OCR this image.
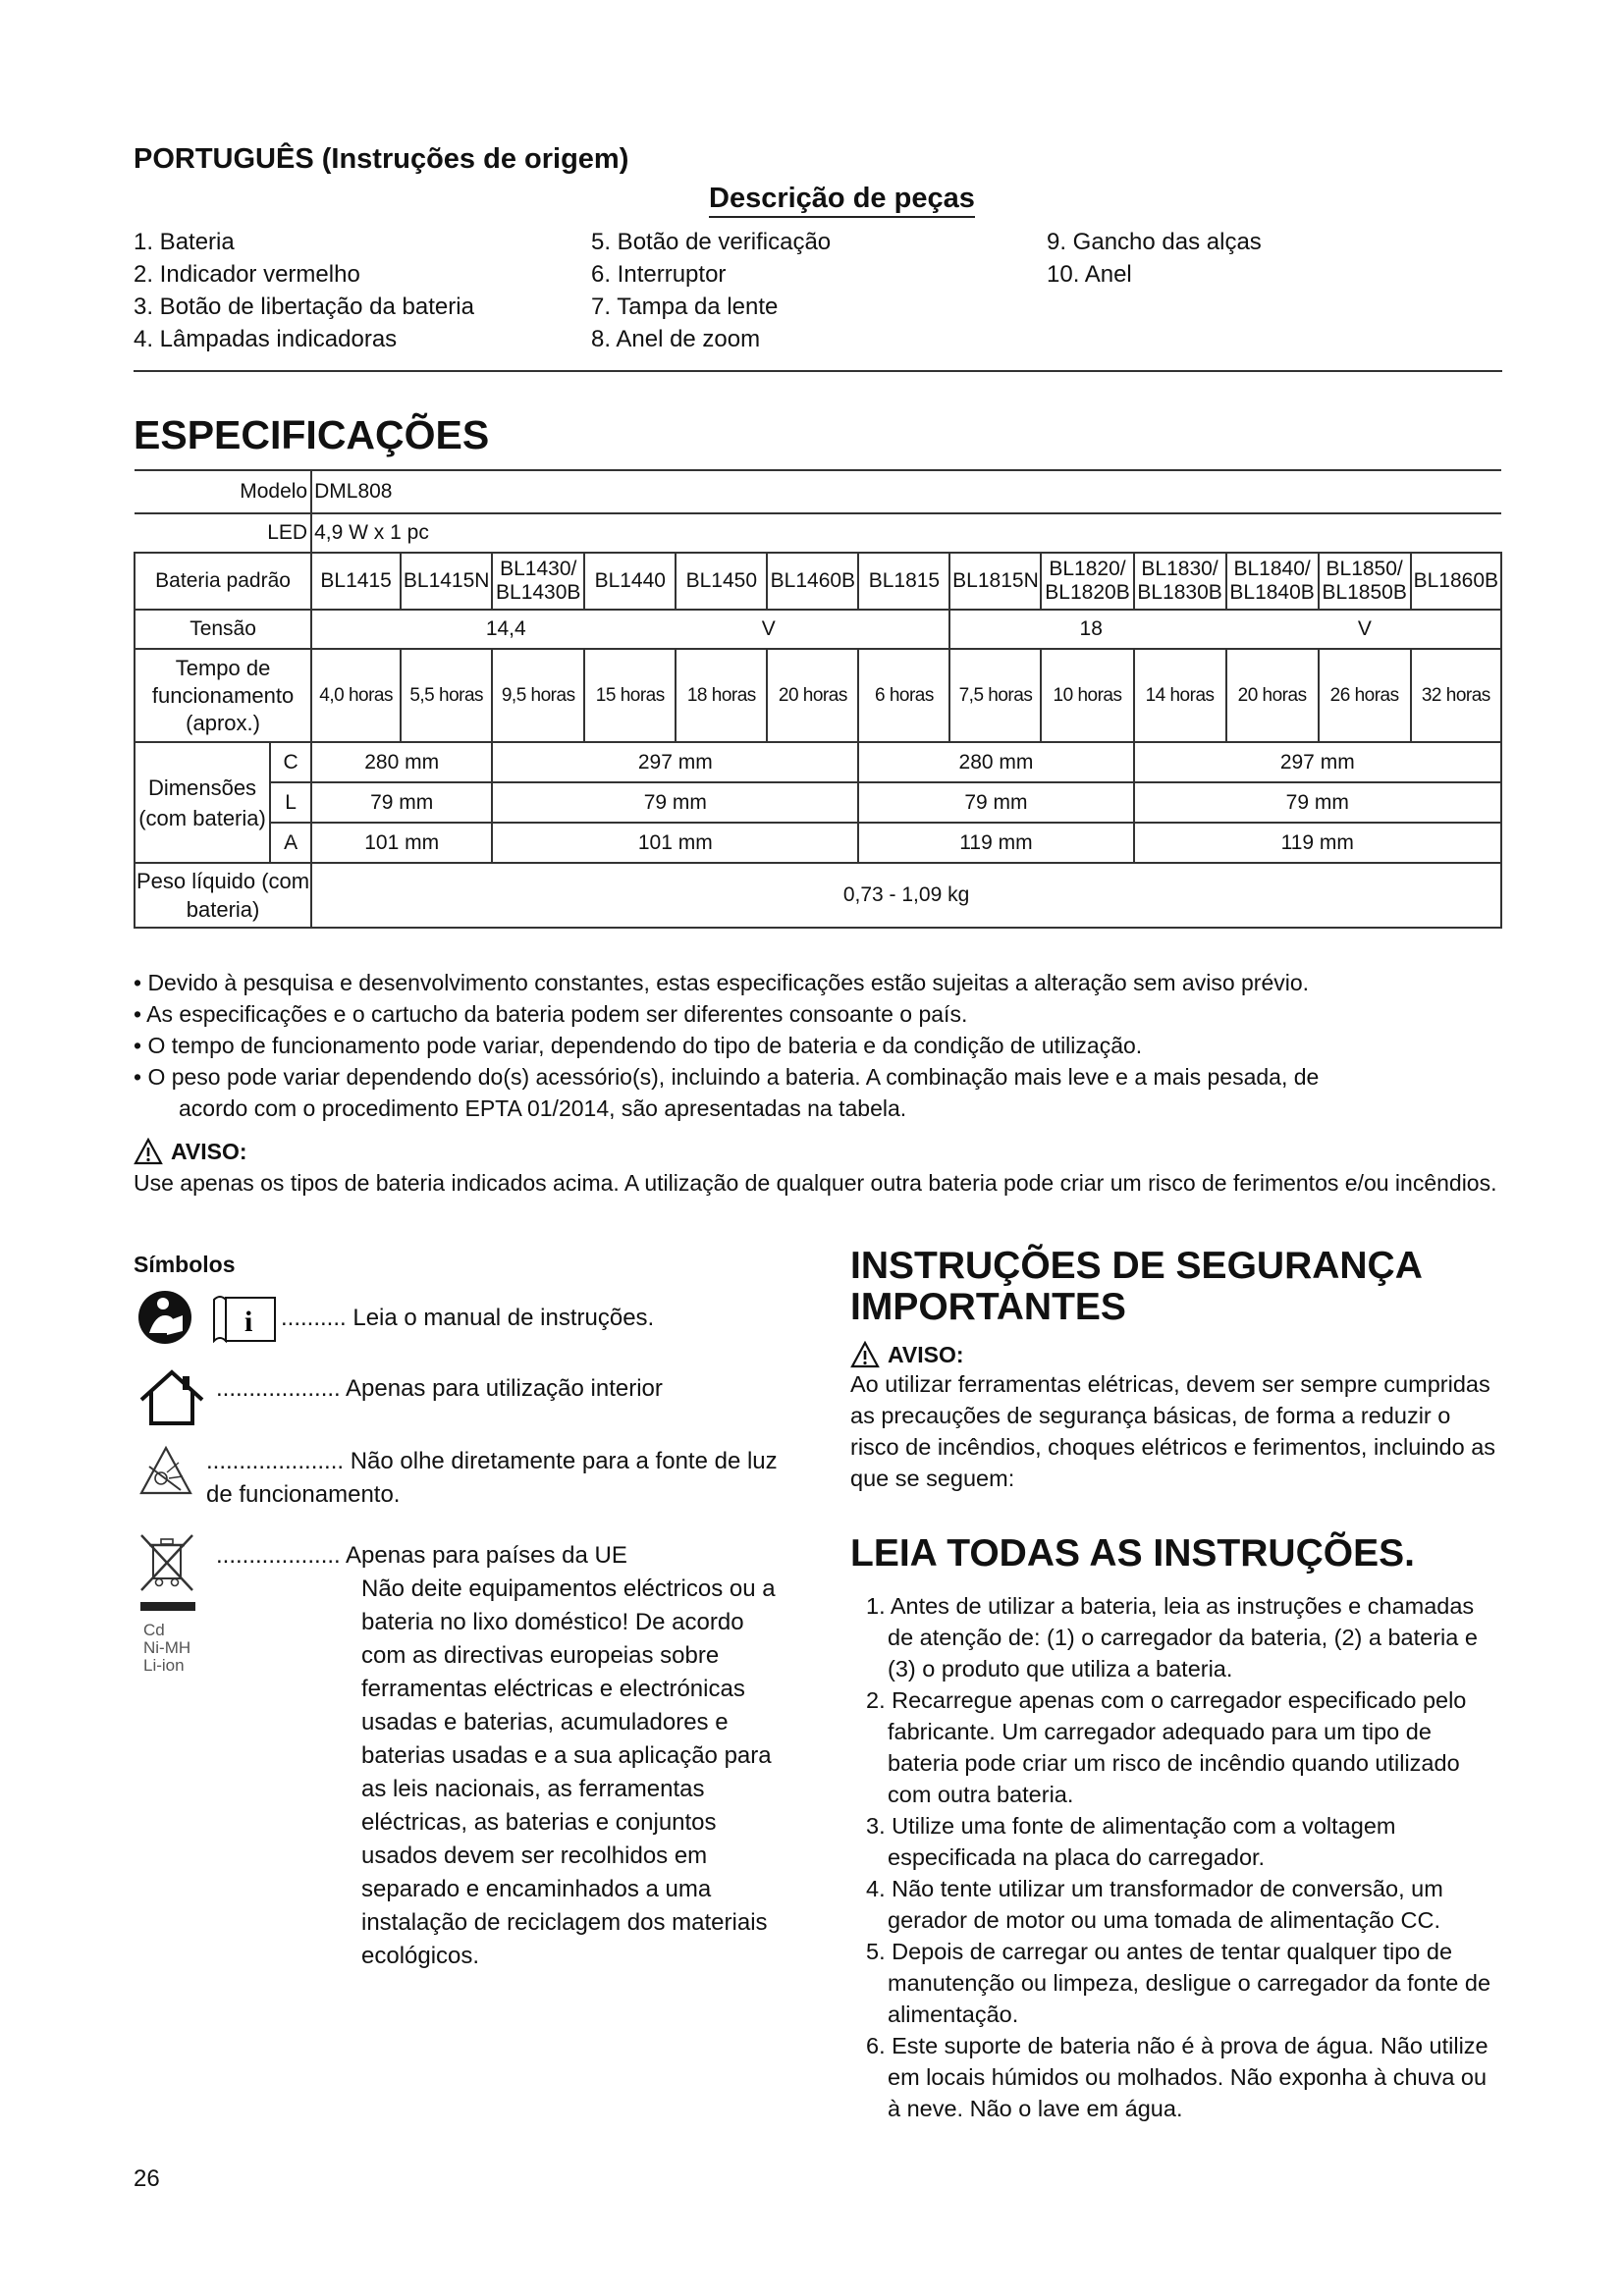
PORTUGUÊS (Instruções de origem)
Descrição de peças
1. Bateria
2. Indicador vermelho
3. Botão de libertação da bateria
4. Lâmpadas indicadoras
5. Botão de verificação
6. Interruptor
7. Tampa da lente
8. Anel de zoom
9. Gancho das alças
10. Anel
ESPECIFICAÇÕES
Modelo		DML808												
LED		4,9 W x 1 pc												
Bateria padrão		BL1415	BL1415N	BL1430/ BL1430B	BL1440	BL1450	BL1460B	BL1815	BL1815N	BL1820/ BL1820B	BL1830/ BL1830B	BL1840/ BL1840B	BL1850/ BL1850B	BL1860B
Tensão		14,4 V							18 V					
Tempo de funcionamento (aprox.)		4,0 horas	5,5 horas	9,5 horas	15 horas	18 horas	20 horas	6 horas	7,5 horas	10 horas	14 horas	20 horas	26 horas	32 horas
Dimensões (com bateria)	C	280 mm		297 mm				280 mm			297 mm			
	L	79 mm		79 mm				79 mm			79 mm			
	A	101 mm		101 mm				119 mm			119 mm			
Peso líquido (com bateria)		0,73 - 1,09 kg												

• Devido à pesquisa e desenvolvimento constantes, estas especificações estão sujeitas a alteração sem aviso prévio.

• As especificações e o cartucho da bateria podem ser diferentes consoante o país.

• O tempo de funcionamento pode variar, dependendo do tipo de bateria e da condição de utilização.

• O peso pode variar dependendo do(s) acessório(s), incluindo a bateria. A combinação mais leve e a mais pesada, de

acordo com o procedimento EPTA 01/2014, são apresentadas na tabela.

AVISO:

Use apenas os tipos de bateria indicados acima. A utilização de qualquer outra bateria pode criar um risco de ferimentos e/ou incêndios.

Símbolos
i .......... Leia o manual de instruções.
................... Apenas para utilização interior
..................... Não olhe diretamente para a fonte de luz de funcionamento.
Cd
Ni-MH
Li-ion
................... Apenas para países da UE
Não deite equipamentos eléctricos ou a bateria no lixo doméstico! De acordo com as directivas europeias sobre ferramentas eléctricas e electrónicas usadas e baterias, acumuladores e baterias usadas e a sua aplicação para as leis nacionais, as ferramentas eléctricas, as baterias e conjuntos usados devem ser recolhidos em separado e encaminhados a uma instalação de reciclagem dos materiais ecológicos.
INSTRUÇÕES DE SEGURANÇA IMPORTANTES
AVISO:
Ao utilizar ferramentas elétricas, devem ser sempre cumpridas as precauções de segurança básicas, de forma a reduzir o risco de incêndios, choques elétricos e ferimentos, incluindo as que se seguem:
LEIA TODAS AS INSTRUÇÕES.
1. Antes de utilizar a bateria, leia as instruções e chamadas de atenção de: (1) o carregador da bateria, (2) a bateria e (3) o produto que utiliza a bateria.
2. Recarregue apenas com o carregador especificado pelo fabricante. Um carregador adequado para um tipo de bateria pode criar um risco de incêndio quando utilizado com outra bateria.
3. Utilize uma fonte de alimentação com a voltagem especificada na placa do carregador.
4. Não tente utilizar um transformador de conversão, um gerador de motor ou uma tomada de alimentação CC.
5. Depois de carregar ou antes de tentar qualquer tipo de manutenção ou limpeza, desligue o carregador da fonte de alimentação.
6. Este suporte de bateria não é à prova de água. Não utilize em locais húmidos ou molhados. Não exponha à chuva ou à neve. Não o lave em água.
26
